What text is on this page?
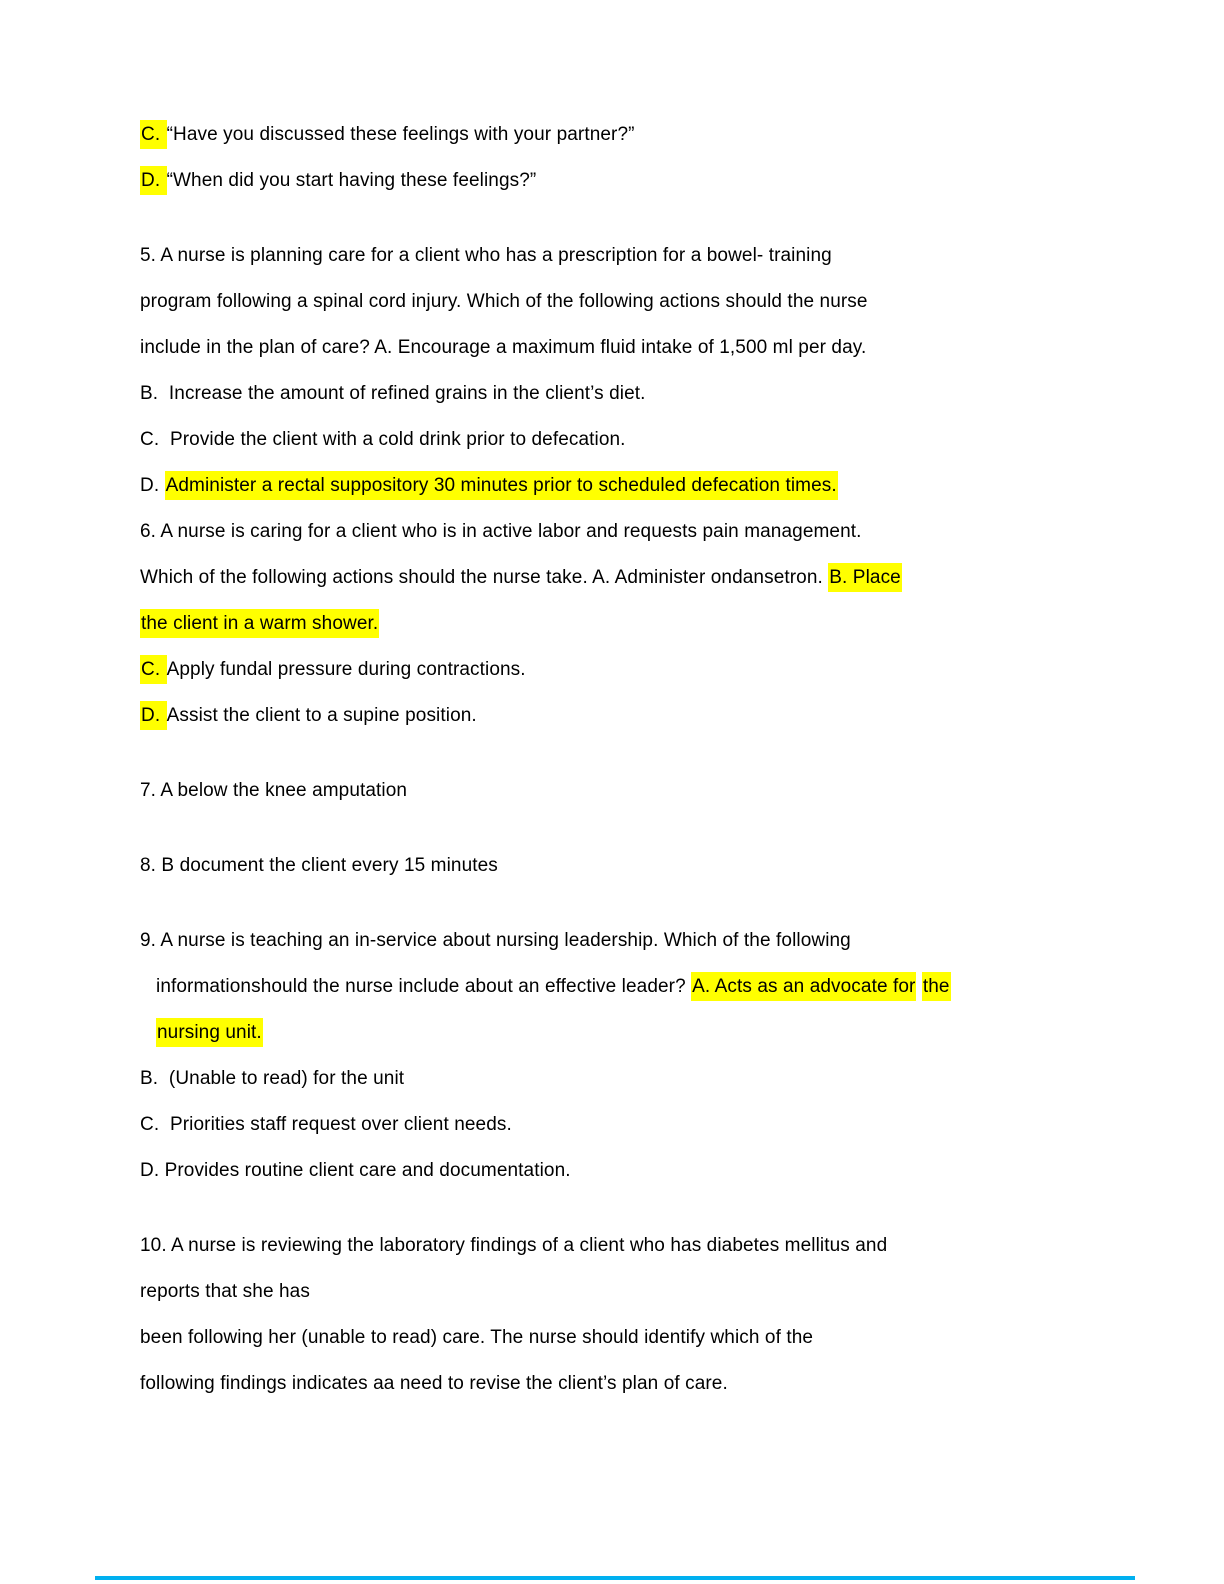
C. “Have you discussed these feelings with your partner?”
D. “When did you start having these feelings?”
5. A nurse is planning care for a client who has a prescription for a bowel- training
program following a spinal cord injury. Which of the following actions should the nurse
include in the plan of care? A. Encourage a maximum fluid intake of 1,500 ml per day.
B.  Increase the amount of refined grains in the client’s diet.
C.  Provide the client with a cold drink prior to defecation.
D. Administer a rectal suppository 30 minutes prior to scheduled defecation times.
6. A nurse is caring for a client who is in active labor and requests pain management.
Which of the following actions should the nurse take. A. Administer ondansetron. B. Place
the client in a warm shower.
C. Apply fundal pressure during contractions.
D. Assist the client to a supine position.
7. A below the knee amputation
8. B document the client every 15 minutes
9. A nurse is teaching an in-service about nursing leadership. Which of the following
informationshould the nurse include about an effective leader? A. Acts as an advocate for the
nursing unit.
B.  (Unable to read) for the unit
C.  Priorities staff request over client needs.
D. Provides routine client care and documentation.
10. A nurse is reviewing the laboratory findings of a client who has diabetes mellitus and
reports that she has
been following her (unable to read) care. The nurse should identify which of the
following findings indicates aa need to revise the client’s plan of care.
